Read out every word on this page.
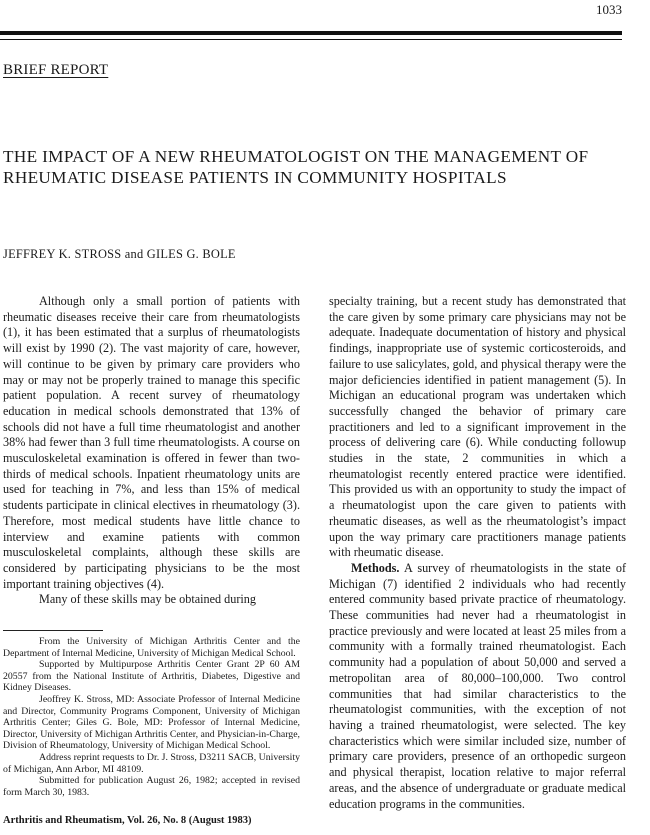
1033
BRIEF REPORT
THE IMPACT OF A NEW RHEUMATOLOGIST ON THE MANAGEMENT OF RHEUMATIC DISEASE PATIENTS IN COMMUNITY HOSPITALS
JEFFREY K. STROSS and GILES G. BOLE

Although only a small portion of patients with rheumatic diseases receive their care from rheumatologists (1), it has been estimated that a surplus of rheumatologists will exist by 1990 (2). The vast majority of care, however, will continue to be given by primary care providers who may or may not be properly trained to manage this specific patient population. A recent survey of rheumatology education in medical schools demonstrated that 13% of schools did not have a full time rheumatologist and another 38% had fewer than 3 full time rheumatologists. A course on musculoskeletal examination is offered in fewer than two-thirds of medical schools. Inpatient rheumatology units are used for teaching in 7%, and less than 15% of medical students participate in clinical electives in rheumatology (3). Therefore, most medical students have little chance to interview and examine patients with common musculoskeletal complaints, although these skills are considered by participating physicians to be the most important training objectives (4).

Many of these skills may be obtained during

From the University of Michigan Arthritis Center and the Department of Internal Medicine, University of Michigan Medical School.

Supported by Multipurpose Arthritis Center Grant 2P 60 AM 20557 from the National Institute of Arthritis, Diabetes, Digestive and Kidney Diseases.

Jeoffrey K. Stross, MD: Associate Professor of Internal Medicine and Director, Community Programs Component, University of Michigan Arthritis Center; Giles G. Bole, MD: Professor of Internal Medicine, Director, University of Michigan Arthritis Center, and Physician-in-Charge, Division of Rheumatology, University of Michigan Medical School.

Address reprint requests to Dr. J. Stross, D3211 SACB, University of Michigan, Ann Arbor, MI 48109.

Submitted for publication August 26, 1982; accepted in revised form March 30, 1983.

specialty training, but a recent study has demonstrated that the care given by some primary care physicians may not be adequate. Inadequate documentation of history and physical findings, inappropriate use of systemic corticosteroids, and failure to use salicylates, gold, and physical therapy were the major deficiencies identified in patient management (5). In Michigan an educational program was undertaken which successfully changed the behavior of primary care practitioners and led to a significant improvement in the process of delivering care (6). While conducting followup studies in the state, 2 communities in which a rheumatologist recently entered practice were identified. This provided us with an opportunity to study the impact of a rheumatologist upon the care given to patients with rheumatic diseases, as well as the rheumatologist’s impact upon the way primary care practitioners manage patients with rheumatic disease.

Methods. A survey of rheumatologists in the state of Michigan (7) identified 2 individuals who had recently entered community based private practice of rheumatology. These communities had never had a rheumatologist in practice previously and were located at least 25 miles from a community with a formally trained rheumatologist. Each community had a population of about 50,000 and served a metropolitan area of 80,000–100,000. Two control communities that had similar characteristics to the rheumatologist communities, with the exception of not having a trained rheumatologist, were selected. The key characteristics which were similar included size, number of primary care providers, presence of an orthopedic surgeon and physical therapist, location relative to major referral areas, and the absence of undergraduate or graduate medical education programs in the communities.

Arthritis and Rheumatism, Vol. 26, No. 8 (August 1983)
